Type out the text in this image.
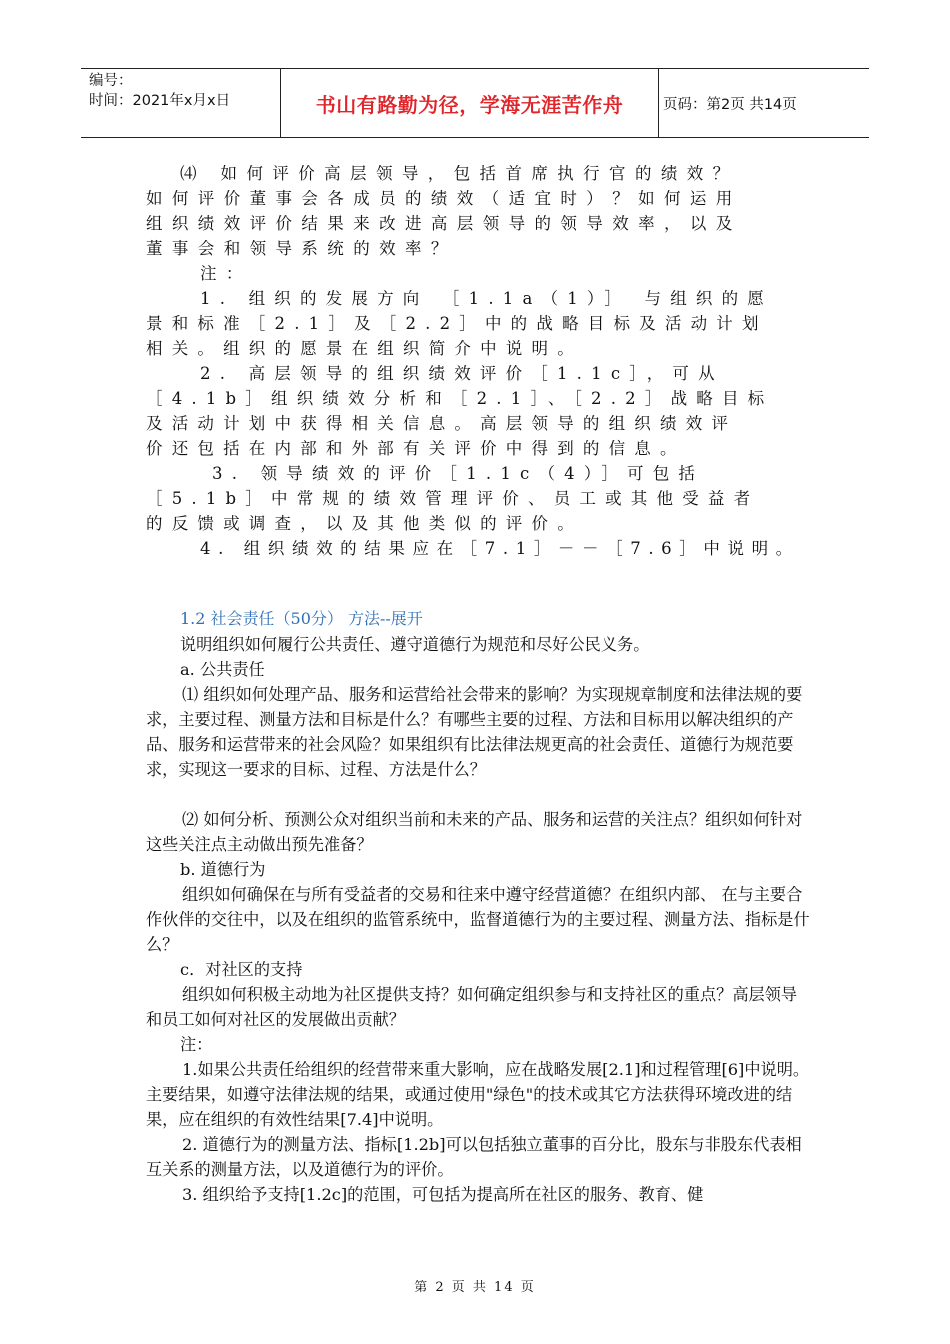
编号：
时间：2021年x月x日	书山有路勤为径，学海无涯苦作舟	页码：第2页 共14页
⑷ 如何评价高层领导，包括首席执行官的绩效？
如何评价董事会各成员的绩效（适宜时）？如何运用
组织绩效评价结果来改进高层领导的领导效率，以及
董事会和领导系统的效率？
注：
1. 组织的发展方向 ［1.1a（1）］ 与组织的愿
景和标准［2.1］及［2.2］中的战略目标及活动计划
相关。组织的愿景在组织简介中说明。
2. 高层领导的组织绩效评价［1.1c］，可从
［4.1b］组织绩效分析和［2.1］、［2.2］战略目标
及活动计划中获得相关信息。高层领导的组织绩效评
价还包括在内部和外部有关评价中得到的信息。
3. 领导绩效的评价［1.1c（4）］可包括
［5.1b］中常规的绩效管理评价、员工或其他受益者
的反馈或调查，以及其他类似的评价。
4. 组织绩效的结果应在［7.1］－－［7.6］中说明。
1.2 社会责任（50分） 方法--展开
说明组织如何履行公共责任、遵守道德行为规范和尽好公民义务。
a. 公共责任
⑴ 组织如何处理产品、服务和运营给社会带来的影响？为实现规章制度和法律法规的要求，主要过程、测量方法和目标是什么？有哪些主要的过程、方法和目标用以解决组织的产品、服务和运营带来的社会风险？如果组织有比法律法规更高的社会责任、道德行为规范要求，实现这一要求的目标、过程、方法是什么？
⑵ 如何分析、预测公众对组织当前和未来的产品、服务和运营的关注点？组织如何针对这些关注点主动做出预先准备？
b. 道德行为
组织如何确保在与所有受益者的交易和往来中遵守经营道德？在组织内部、 在与主要合作伙伴的交往中，以及在组织的监管系统中，监督道德行为的主要过程、测量方法、指标是什么？
c．对社区的支持
组织如何积极主动地为社区提供支持？如何确定组织参与和支持社区的重点？高层领导和员工如何对社区的发展做出贡献？
注：
1.如果公共责任给组织的经营带来重大影响，应在战略发展[2.1]和过程管理[6]中说明。主要结果，如遵守法律法规的结果，或通过使用"绿色"的技术或其它方法获得环境改进的结果，应在组织的有效性结果[7.4]中说明。
2. 道德行为的测量方法、指标[1.2b]可以包括独立董事的百分比，股东与非股东代表相互关系的测量方法，以及道德行为的评价。
3. 组织给予支持[1.2c]的范围，可包括为提高所在社区的服务、教育、健
第 2 页 共 14 页
